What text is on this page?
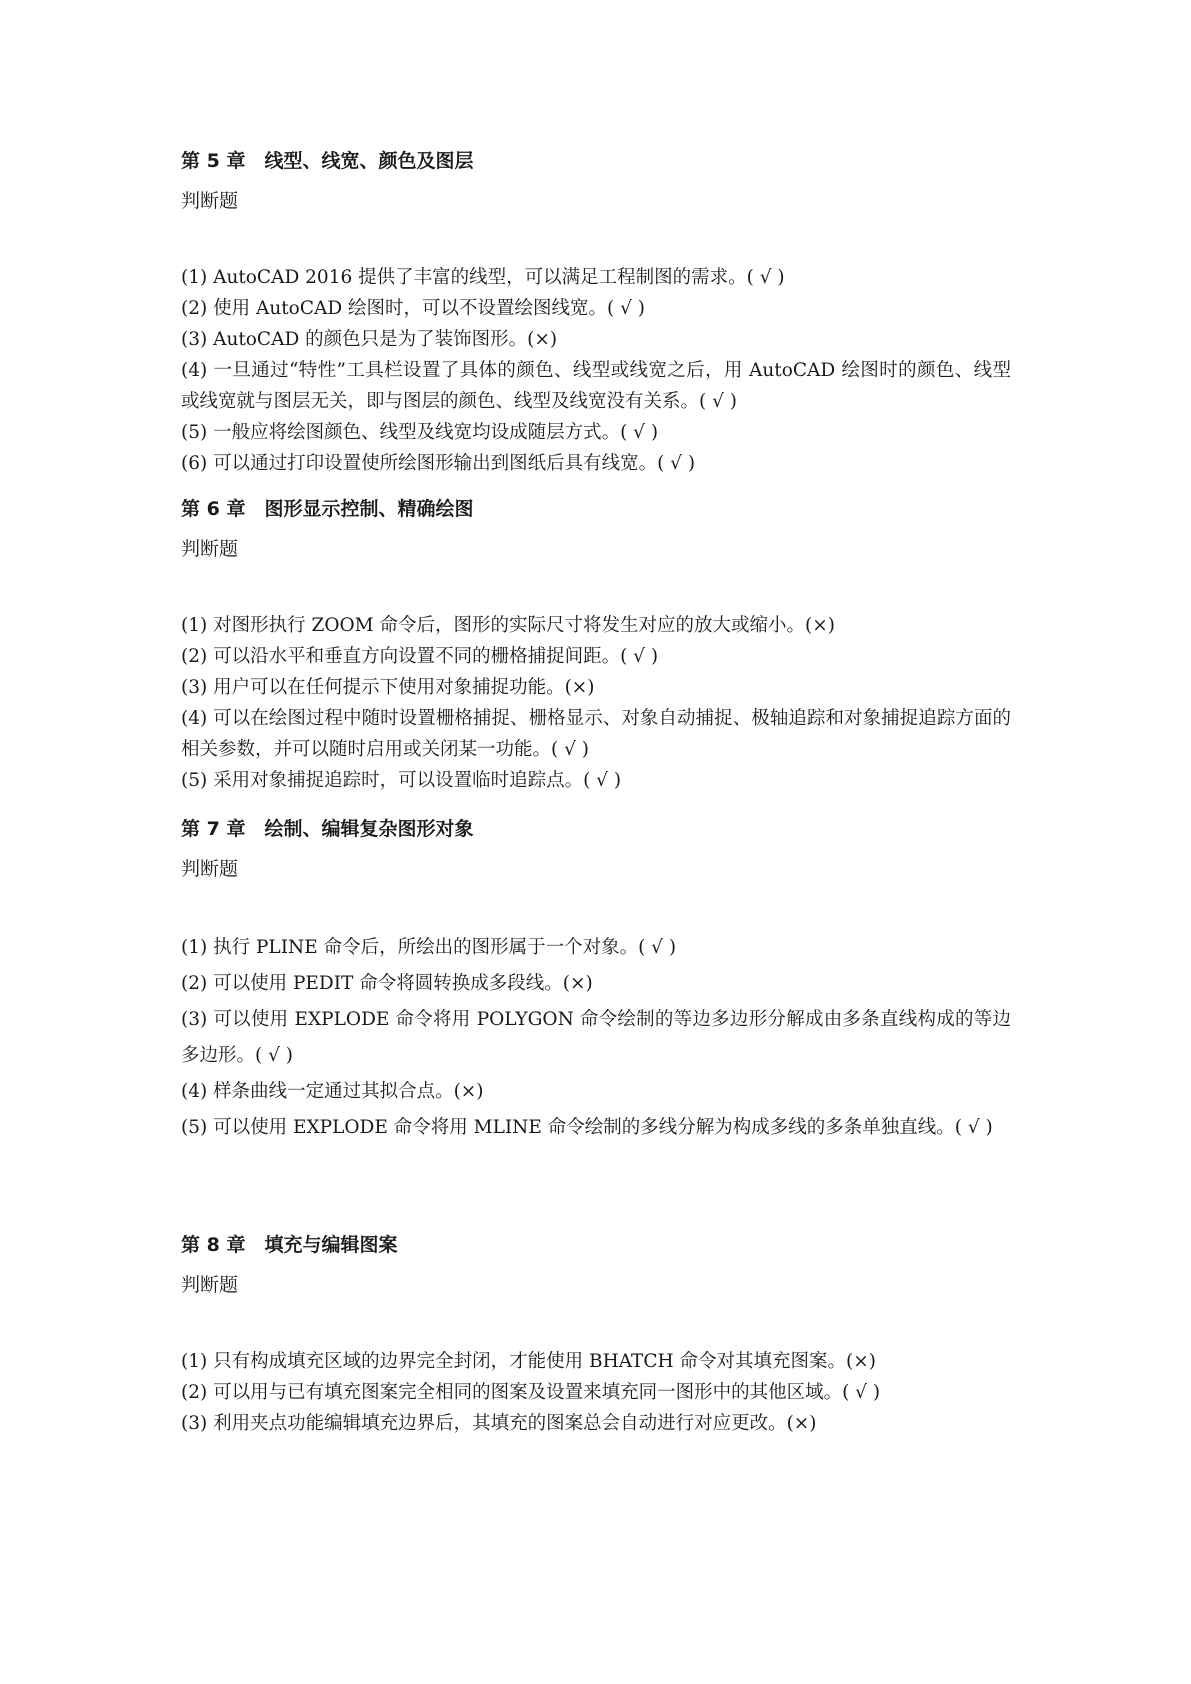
第 5 章　线型、线宽、颜色及图层
判断题
(1) AutoCAD 2016 提供了丰富的线型，可以满足工程制图的需求。( √ )
(2) 使用 AutoCAD 绘图时，可以不设置绘图线宽。( √ )
(3) AutoCAD 的颜色只是为了装饰图形。(×)
(4) 一旦通过“特性”工具栏设置了具体的颜色、线型或线宽之后，用 AutoCAD 绘图时的颜色、线型或线宽就与图层无关，即与图层的颜色、线型及线宽没有关系。( √ )
(5) 一般应将绘图颜色、线型及线宽均设成随层方式。( √ )
(6) 可以通过打印设置使所绘图形输出到图纸后具有线宽。( √ )
第 6 章　图形显示控制、精确绘图
判断题
(1) 对图形执行 ZOOM 命令后，图形的实际尺寸将发生对应的放大或缩小。(×)
(2) 可以沿水平和垂直方向设置不同的栅格捕捉间距。( √ )
(3) 用户可以在任何提示下使用对象捕捉功能。(×)
(4) 可以在绘图过程中随时设置栅格捕捉、栅格显示、对象自动捕捉、极轴追踪和对象捕捉追踪方面的相关参数，并可以随时启用或关闭某一功能。( √ )
(5) 采用对象捕捉追踪时，可以设置临时追踪点。( √ )
第 7 章　绘制、编辑复杂图形对象
判断题
(1) 执行 PLINE 命令后，所绘出的图形属于一个对象。( √ )
(2) 可以使用 PEDIT 命令将圆转换成多段线。(×)
(3) 可以使用 EXPLODE 命令将用 POLYGON 命令绘制的等边多边形分解成由多条直线构成的等边多边形。( √ )
(4) 样条曲线一定通过其拟合点。(×)
(5) 可以使用 EXPLODE 命令将用 MLINE 命令绘制的多线分解为构成多线的多条单独直线。( √ )
第 8 章　填充与编辑图案
判断题
(1) 只有构成填充区域的边界完全封闭，才能使用 BHATCH 命令对其填充图案。(×)
(2) 可以用与已有填充图案完全相同的图案及设置来填充同一图形中的其他区域。( √ )
(3) 利用夹点功能编辑填充边界后，其填充的图案总会自动进行对应更改。(×)
